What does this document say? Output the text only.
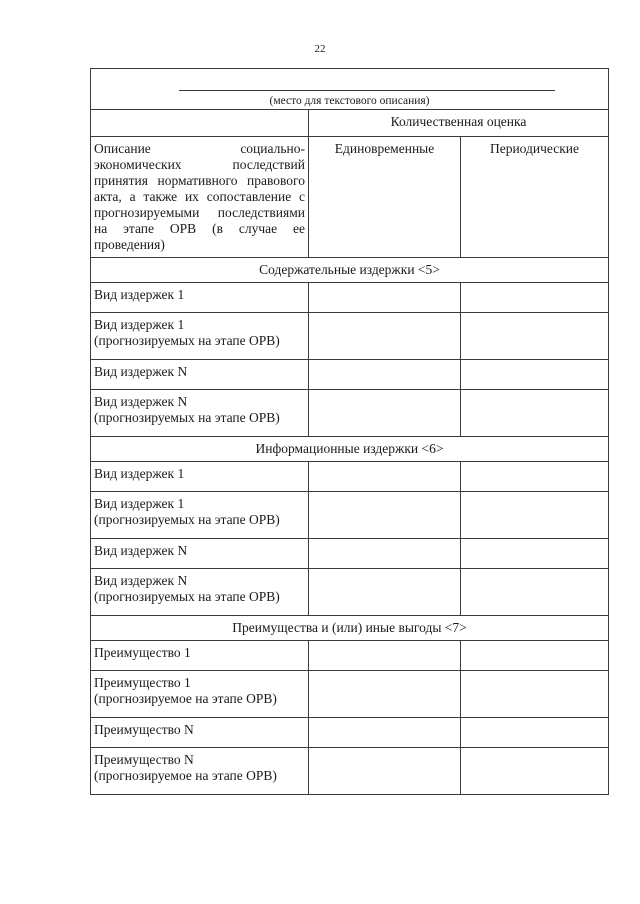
22
(место для текстового описания)		

	Количественная оценка	
Описание социально-экономических последствий принятия нормативного правового акта, а также их сопоставление с прогнозируемыми последствиями на этапе ОРВ (в случае ее проведения)	Единовременные	Периодические
Содержательные издержки <5>		

Вид издержек 1		

Вид издержек 1
(прогнозируемых на этапе ОРВ)		

Вид издержек N		

Вид издержек N
(прогнозируемых на этапе ОРВ)		

Информационные издержки <6>		

Вид издержек 1		

Вид издержек 1
(прогнозируемых на этапе ОРВ)		

Вид издержек N		

Вид издержек N
(прогнозируемых на этапе ОРВ)		

Преимущества и (или) иные выгоды <7>		

Преимущество 1		

Преимущество 1
(прогнозируемое на этапе ОРВ)		

Преимущество N		

Преимущество N
(прогнозируемое на этапе ОРВ)		
